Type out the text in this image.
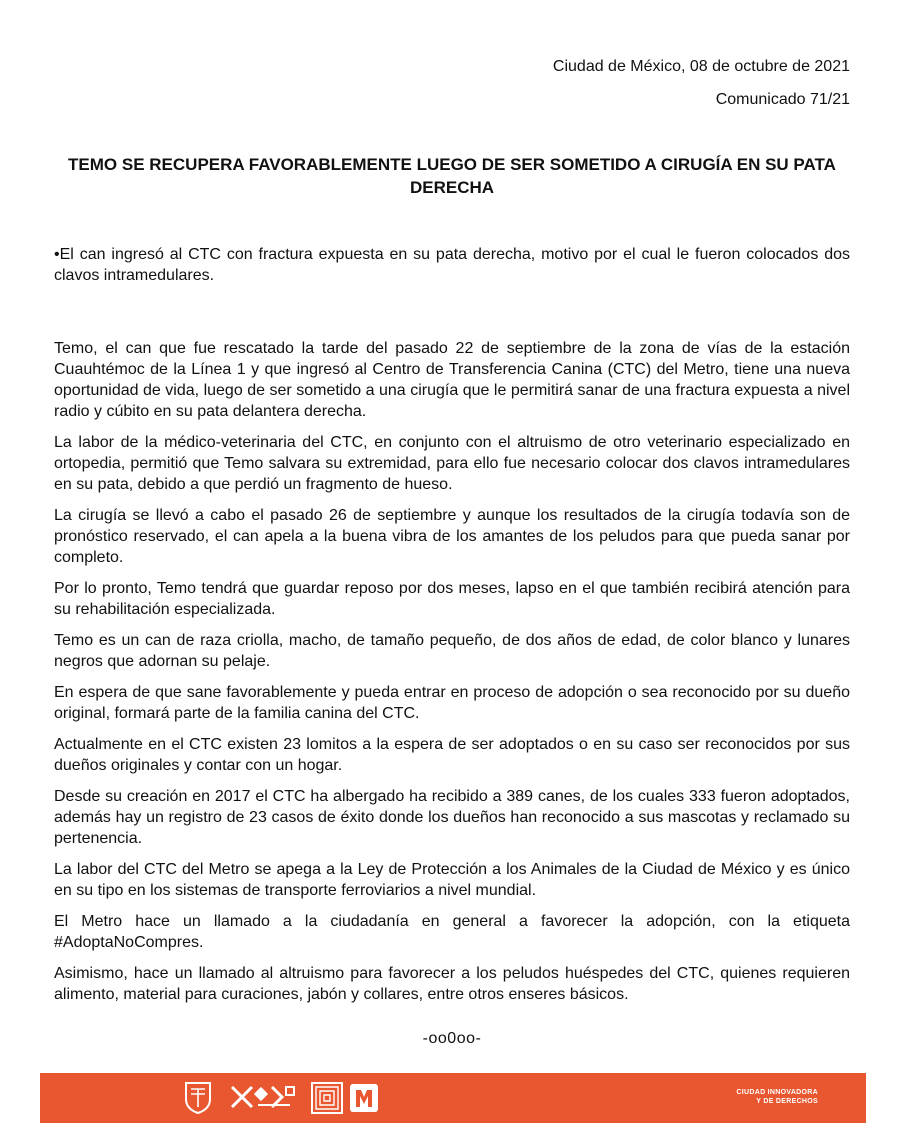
Ciudad de México, 08 de octubre de 2021
Comunicado 71/21
TEMO SE RECUPERA FAVORABLEMENTE LUEGO DE SER SOMETIDO A CIRUGÍA EN SU PATA DERECHA

•El can ingresó al CTC con fractura expuesta en su pata derecha, motivo por el cual le fueron colocados dos clavos intramedulares.

Temo, el can que fue rescatado la tarde del pasado 22 de septiembre de la zona de vías de la estación Cuauhtémoc de la Línea 1 y que ingresó al Centro de Transferencia Canina (CTC) del Metro, tiene una nueva oportunidad de vida, luego de ser sometido a una cirugía que le permitirá sanar de una fractura expuesta a nivel radio y cúbito en su pata delantera derecha.

La labor de la médico-veterinaria del CTC, en conjunto con el altruismo de otro veterinario especializado en ortopedia, permitió que Temo salvara su extremidad, para ello fue necesario colocar dos clavos intramedulares en su pata, debido a que perdió un fragmento de hueso.

La cirugía se llevó a cabo el pasado 26 de septiembre y aunque los resultados de la cirugía todavía son de pronóstico reservado, el can apela a la buena vibra de los amantes de los peludos para que pueda sanar por completo.

Por lo pronto, Temo tendrá que guardar reposo por dos meses, lapso en el que también recibirá atención para su rehabilitación especializada.

Temo es un can de raza criolla, macho, de tamaño pequeño, de dos años de edad, de color blanco y lunares negros que adornan su pelaje.

En espera de que sane favorablemente y pueda entrar en proceso de adopción o sea reconocido por su dueño original, formará parte de la familia canina del CTC.

Actualmente en el CTC existen 23 lomitos a la espera de ser adoptados o en su caso ser reconocidos por sus dueños originales y contar con un hogar.

Desde su creación en 2017 el CTC ha albergado ha recibido a 389 canes, de los cuales 333 fueron adoptados, además hay un registro de 23 casos de éxito donde los dueños han reconocido a sus mascotas y reclamado su pertenencia.

La labor del CTC del Metro se apega a la Ley de Protección a los Animales de la Ciudad de México y es único en su tipo en los sistemas de transporte ferroviarios a nivel mundial.

El Metro hace un llamado a la ciudadanía en general a favorecer la adopción, con la etiqueta #AdoptaNoCompres.

Asimismo, hace un llamado al altruismo para favorecer a los peludos huéspedes del CTC, quienes requieren alimento, material para curaciones, jabón y collares, entre otros enseres básicos.

-oo0oo-
CIUDAD INNOVADORA
Y DE DERECHOS
